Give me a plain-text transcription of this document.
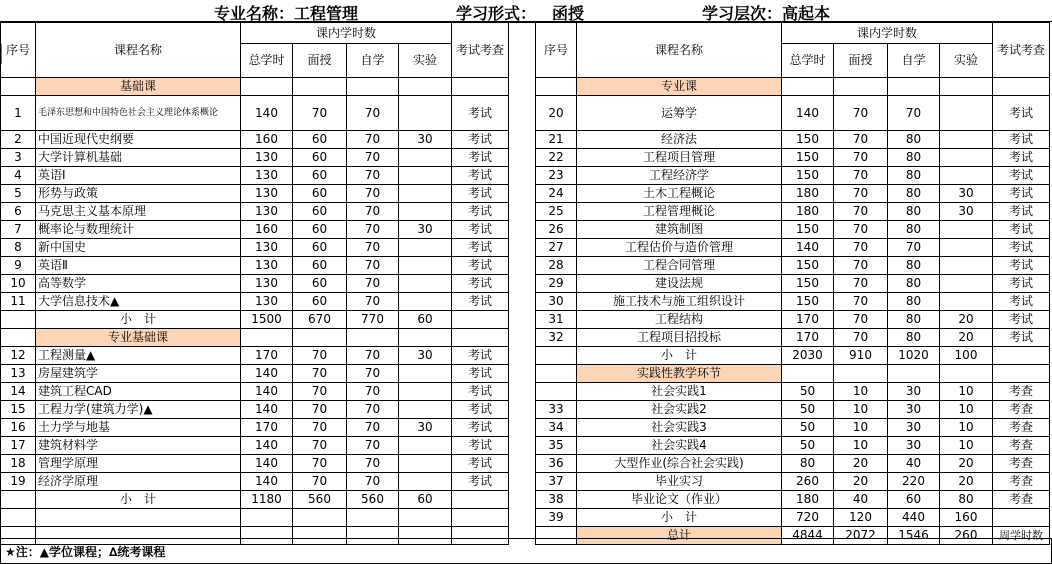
专业名称：工程管理	学习形式： 函授	学习层次：高起本
序号	课程名称	课内学时数				考试考查	
		总学时	面授	自学	实验		
	基础课						
1	毛泽东思想和中国特色社会主义理论体系概论	140	70	70		考试	
2	中国近现代史纲要	160	60	70	30	考试	
3	大学计算机基础	130	60	70		考试	
4	英语Ⅰ	130	60	70		考试	
5	形势与政策	130	60	70		考试	
6	马克思主义基本原理	130	60	70		考试	
7	概率论与数理统计	160	60	70	30	考试	
8	新中国史	130	60	70		考试	
9	英语Ⅱ	130	60	70		考试	
10	高等数学	130	60	70		考试	
11	大学信息技术▲	130	60	70		考试	
	小　计	1500	670	770	60		
	专业基础课						
12	工程测量▲	170	70	70	30	考试	
13	房屋建筑学	140	70	70		考试	
14	建筑工程CAD	140	70	70		考试	
15	工程力学(建筑力学)▲	140	70	70		考试	
16	土力学与地基	170	70	70	30	考试	
17	建筑材料学	140	70	70		考试	
18	管理学原理	140	70	70		考试	
19	经济学原理	140	70	70		考试	
	小　计	1180	560	560	60		

序号	课程名称	课内学时数				考试考查
		总学时	面授	自学	实验	
	专业课					
20	运筹学	140	70	70		考试
21	经济法	150	70	80		考试
22	工程项目管理	150	70	80		考试
23	工程经济学	150	70	80		考试
24	土木工程概论	180	70	80	30	考试
25	工程管理概论	180	70	80	30	考试
26	建筑制图	150	70	80		考试
27	工程估价与造价管理	140	70	70		考试
28	工程合同管理	150	70	80		考试
29	建设法规	150	70	80		考试
30	施工技术与施工组织设计	150	70	80		考试
31	工程结构	170	70	80	20	考试
32	工程项目招投标	170	70	80	20	考试
	小　计	2030	910	1020	100	
	实践性教学环节					
	社会实践1	50	10	30	10	考查
33	社会实践2	50	10	30	10	考查
34	社会实践3	50	10	30	10	考查
35	社会实践4	50	10	30	10	考查
36	大型作业(综合社会实践)	80	20	40	20	考查
37	毕业实习	260	20	220	20	考查
38	毕业论文（作业）	180	40	60	80	考查
39	小　计	720	120	440	160	
	总计	4844	2072	1546	260	周学时数
★注：▲学位课程；∆统考课程
